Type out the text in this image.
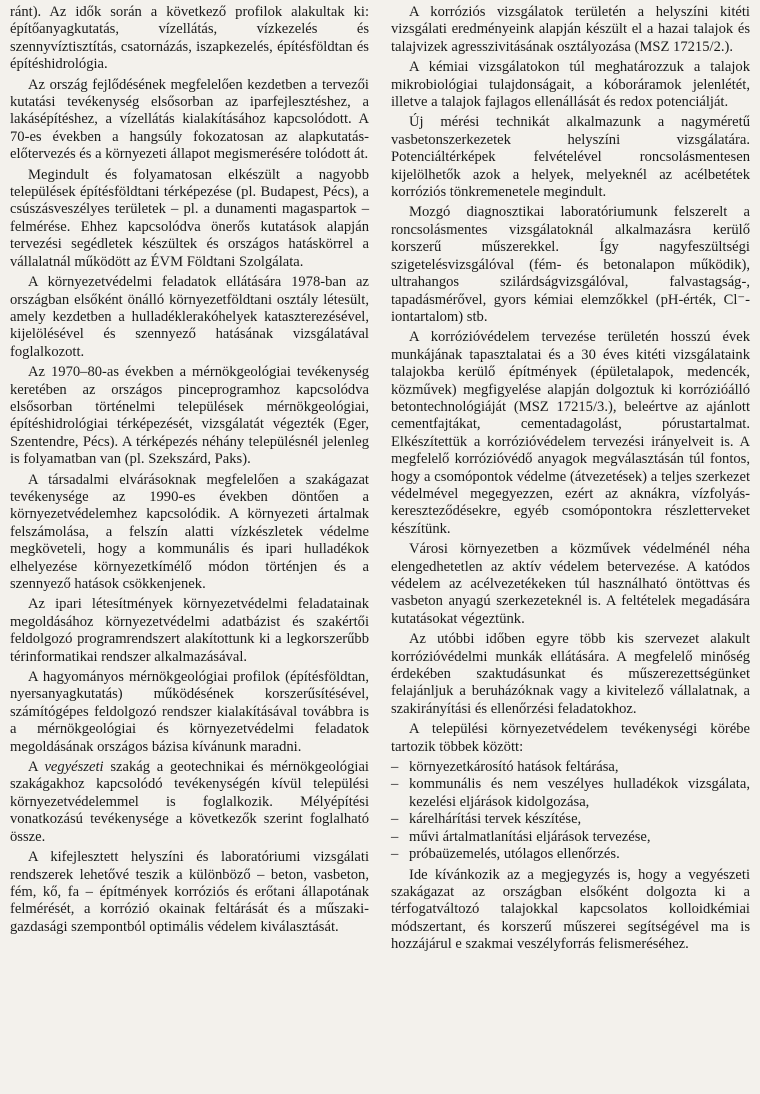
ránt). Az idők során a következő profilok alakultak ki: építőanyagkutatás, vízellátás, vízkezelés és szennyvíztisztítás, csatornázás, iszapkezelés, építésföldtan és építéshidrológia.

Az ország fejlődésének megfelelően kezdetben a tervezői kutatási tevékenység elsősorban az iparfejlesztéshez, a lakásépítéshez, a vízellátás kialakításához kapcsolódott. A 70-es években a hangsúly fokozatosan az alapkutatás-előtervezés és a környezeti állapot megismerésére tolódott át.

Megindult és folyamatosan elkészült a nagyobb települések építésföldtani térképezése (pl. Budapest, Pécs), a csúszásveszélyes területek – pl. a dunamenti magaspartok – felmérése. Ehhez kapcsolódva önerős kutatások alapján tervezési segédletek készültek és országos hatáskörrel a vállalatnál működött az ÉVM Földtani Szolgálata.

A környezetvédelmi feladatok ellátására 1978-ban az országban elsőként önálló környezetföldtani osztály létesült, amely kezdetben a hulladéklerakóhelyek kataszterezésével, kijelölésével és szennyező hatásának vizsgálatával foglalkozott.

Az 1970–80-as években a mérnökgeológiai tevékenység keretében az országos pinceprogramhoz kapcsolódva elsősorban történelmi települések mérnökgeológiai, építéshidrológiai térképezését, vizsgálatát végezték (Eger, Szentendre, Pécs). A térképezés néhány településnél jelenleg is folyamatban van (pl. Szekszárd, Paks).

A társadalmi elvárásoknak megfelelően a szakágazat tevékenysége az 1990-es években döntően a környezetvédelemhez kapcsolódik. A környezeti ártalmak felszámolása, a felszín alatti vízkészletek védelme megköveteli, hogy a kommunális és ipari hulladékok elhelyezése környezetkímélő módon történjen és a szennyező hatások csökkenjenek.

Az ipari létesítmények környezetvédelmi feladatainak megoldásához környezetvédelmi adatbázist és szakértői feldolgozó programrendszert alakítottunk ki a legkorszerűbb térinformatikai rendszer alkalmazásával.

A hagyományos mérnökgeológiai profilok (építésföldtan, nyersanyagkutatás) működésének korszerűsítésével, számítógépes feldolgozó rendszer kialakításával továbbra is a mérnökgeológiai és környezetvédelmi feladatok megoldásának országos bázisa kívánunk maradni.

A vegyészeti szakág a geotechnikai és mérnökgeológiai szakágakhoz kapcsolódó tevékenységén kívül települési környezetvédelemmel is foglalkozik. Mélyépítési vonatkozású tevékenysége a következők szerint foglalható össze.

A kifejlesztett helyszíni és laboratóriumi vizsgálati rendszerek lehetővé teszik a különböző – beton, vasbeton, fém, kő, fa – építmények korróziós és erőtani állapotának felmérését, a korrózió okainak feltárását és a műszaki-gazdasági szempontból optimális védelem kiválasztását.

A korróziós vizsgálatok területén a helyszíni kitéti vizsgálati eredményeink alapján készült el a hazai talajok és talajvizek agresszivitásának osztályozása (MSZ 17215/2.).

A kémiai vizsgálatokon túl meghatározzuk a talajok mikrobiológiai tulajdonságait, a kóboráramok jelenlétét, illetve a talajok fajlagos ellenállását és redox potenciálját.

Új mérési technikát alkalmazunk a nagyméretű vasbetonszerkezetek helyszíni vizsgálatára. Potenciáltérképek felvételével roncsolásmentesen kijelölhetők azok a helyek, melyeknél az acélbetétek korróziós tönkremenetele megindult.

Mozgó diagnosztikai laboratóriumunk felszerelt a roncsolásmentes vizsgálatoknál alkalmazásra kerülő korszerű műszerekkel. Így nagyfeszültségi szigetelésvizsgálóval (fém- és betonalapon működik), ultrahangos szilárdságvizsgálóval, falvastagság-, tapadásmérővel, gyors kémiai elemzőkkel (pH-érték, Cl⁻-iontartalom) stb.

A korrózióvédelem tervezése területén hosszú évek munkájának tapasztalatai és a 30 éves kitéti vizsgálataink talajokba kerülő építmények (épületalapok, medencék, közművek) megfigyelése alapján dolgoztuk ki korrózióálló betontechnológiáját (MSZ 17215/3.), beleértve az ajánlott cementfajtákat, cementadagolást, pórustartalmat. Elkészítettük a korrózióvédelem tervezési irányelveit is. A megfelelő korrózióvédő anyagok megválasztásán túl fontos, hogy a csomópontok védelme (átvezetések) a teljes szerkezet védelmével megegyezzen, ezért az aknákra, vízfolyás-kereszteződésekre, egyéb csomópontokra részletterveket készítünk.

Városi környezetben a közművek védelménél néha elengedhetetlen az aktív védelem betervezése. A katódos védelem az acélvezetékeken túl használható öntöttvas és vasbeton anyagú szerkezeteknél is. A feltételek megadására kutatásokat végeztünk.

Az utóbbi időben egyre több kis szervezet alakult korrózióvédelmi munkák ellátására. A megfelelő minőség érdekében szaktudásunkat és műszerezettségünket felajánljuk a beruházóknak vagy a kivitelező vállalatnak, a szakirányítási és ellenőrzési feladatokhoz.

A települési környezetvédelem tevékenységi körébe tartozik többek között:

– környezetkárosító hatások feltárása,
– kommunális és nem veszélyes hulladékok vizsgálata, kezelési eljárások kidolgozása,
– kárelhárítási tervek készítése,
– művi ártalmatlanítási eljárások tervezése,
– próbaüzemelés, utólagos ellenőrzés.

Ide kívánkozik az a megjegyzés is, hogy a vegyészeti szakágazat az országban elsőként dolgozta ki a térfogatváltozó talajokkal kapcsolatos kolloidkémiai módszertant, és korszerű műszerei segítségével ma is hozzájárul e szakmai veszélyforrás felismeréséhez.
